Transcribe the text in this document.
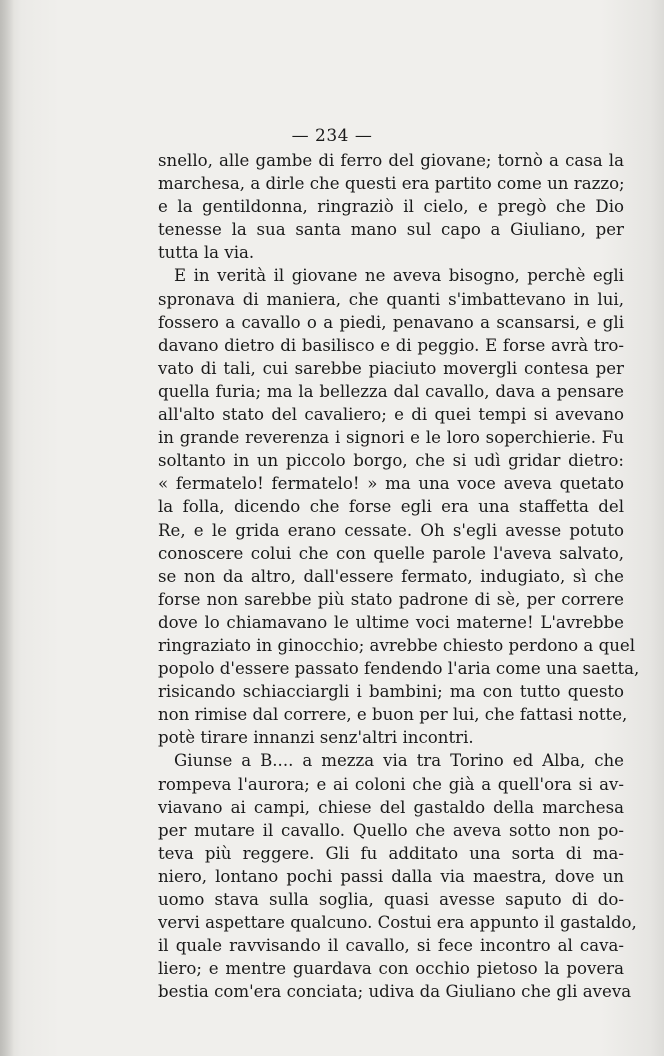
— 234 —
snello, alle gambe di ferro del giovane; tornò a casa la
marchesa, a dirle che questi era partito come un razzo;
e la gentildonna, ringraziò il cielo, e pregò che Dio
tenesse la sua santa mano sul capo a Giuliano, per
tutta la via.
E in verità il giovane ne aveva bisogno, perchè egli
spronava di maniera, che quanti s'imbattevano in lui,
fossero a cavallo o a piedi, penavano a scansarsi, e gli
davano dietro di basilisco e di peggio. E forse avrà tro-
vato di tali, cui sarebbe piaciuto movergli contesa per
quella furia; ma la bellezza dal cavallo, dava a pensare
all'alto stato del cavaliero; e di quei tempi si avevano
in grande reverenza i signori e le loro soperchierie. Fu
soltanto in un piccolo borgo, che si udì gridar dietro:
« fermatelo! fermatelo! » ma una voce aveva quetato
la folla, dicendo che forse egli era una staffetta del
Re, e le grida erano cessate. Oh s'egli avesse potuto
conoscere colui che con quelle parole l'aveva salvato,
se non da altro, dall'essere fermato, indugiato, sì che
forse non sarebbe più stato padrone di sè, per correre
dove lo chiamavano le ultime voci materne! L'avrebbe
ringraziato in ginocchio; avrebbe chiesto perdono a quel
popolo d'essere passato fendendo l'aria come una saetta,
risicando schiacciargli i bambini; ma con tutto questo
non rimise dal correre, e buon per lui, che fattasi notte,
potè tirare innanzi senz'altri incontri.
Giunse a B.... a mezza via tra Torino ed Alba, che
rompeva l'aurora; e ai coloni che già a quell'ora si av-
viavano ai campi, chiese del gastaldo della marchesa
per mutare il cavallo. Quello che aveva sotto non po-
teva più reggere. Gli fu additato una sorta di ma-
niero, lontano pochi passi dalla via maestra, dove un
uomo stava sulla soglia, quasi avesse saputo di do-
vervi aspettare qualcuno. Costui era appunto il gastaldo,
il quale ravvisando il cavallo, si fece incontro al cava-
liero; e mentre guardava con occhio pietoso la povera
bestia com'era conciata; udiva da Giuliano che gli aveva
